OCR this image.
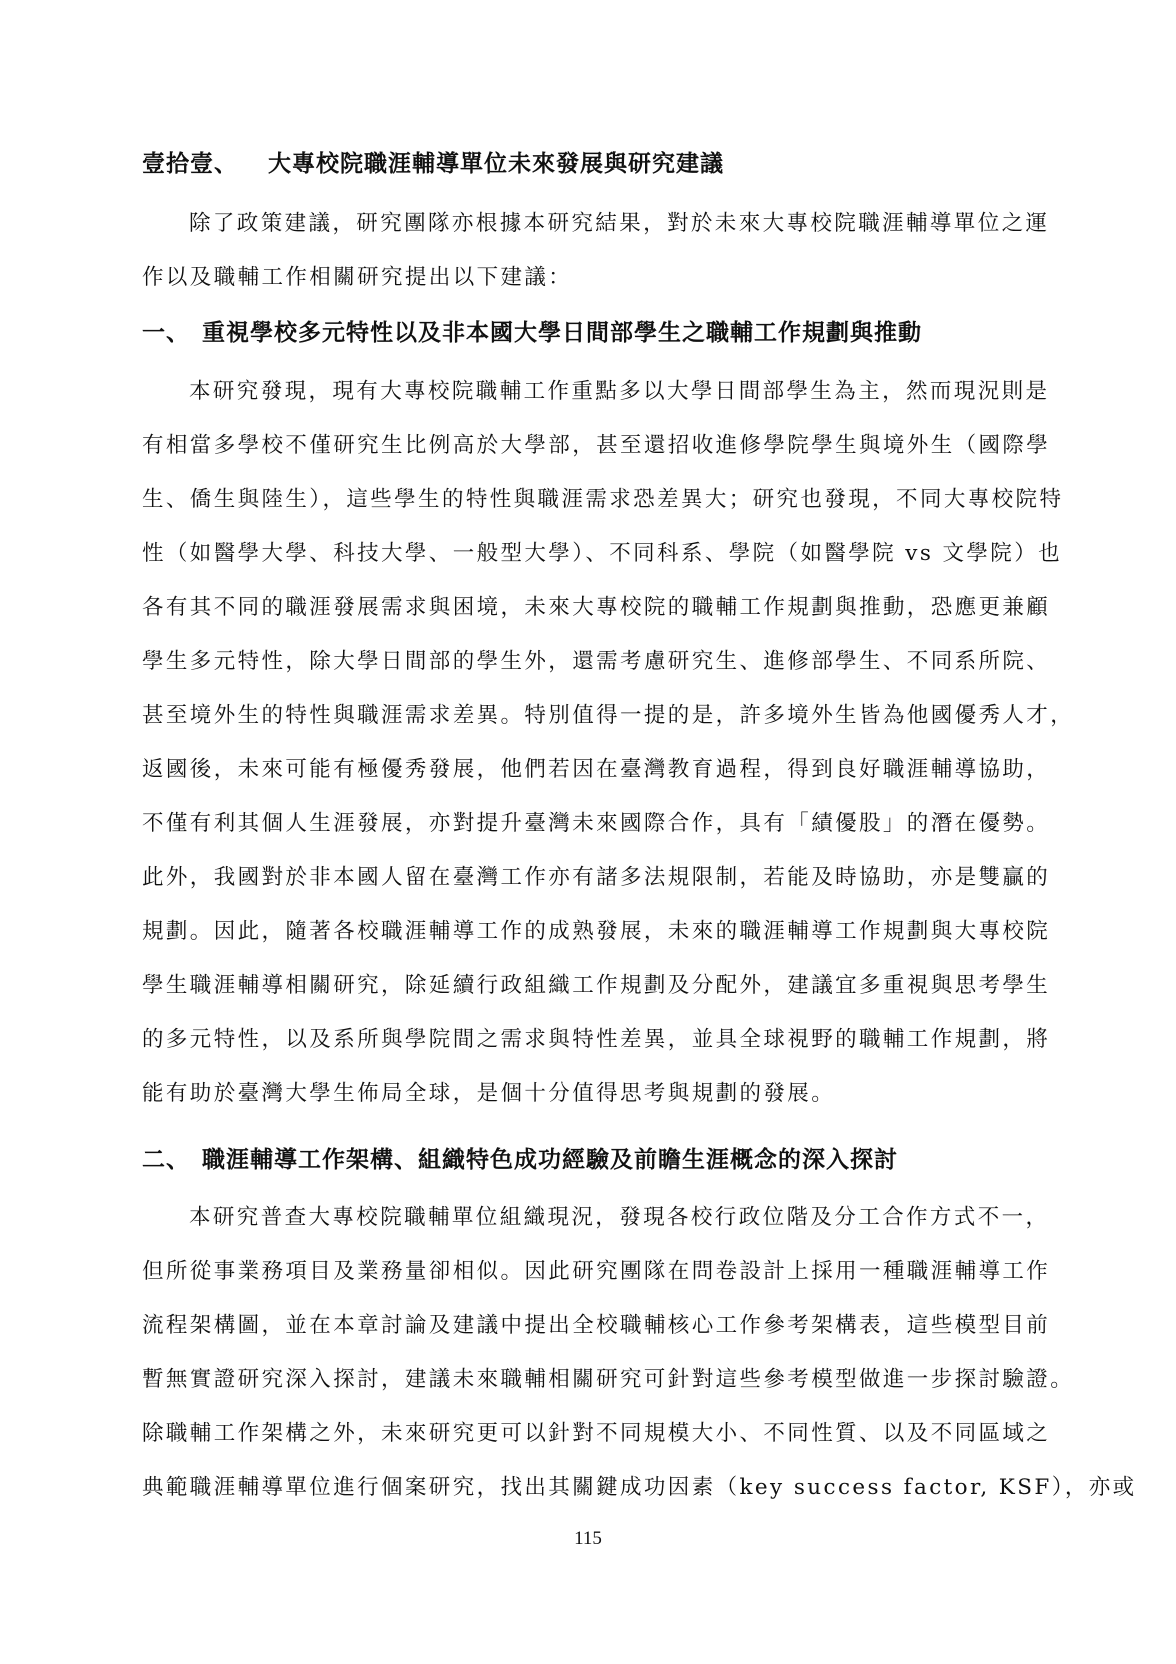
壹拾壹、 大專校院職涯輔導單位未來發展與研究建議
除了政策建議，研究團隊亦根據本研究結果，對於未來大專校院職涯輔導單位之運
作以及職輔工作相關研究提出以下建議：
一、 重視學校多元特性以及非本國大學日間部學生之職輔工作規劃與推動
本研究發現，現有大專校院職輔工作重點多以大學日間部學生為主，然而現況則是
有相當多學校不僅研究生比例高於大學部，甚至還招收進修學院學生與境外生（國際學
生、僑生與陸生），這些學生的特性與職涯需求恐差異大；研究也發現，不同大專校院特
性（如醫學大學、科技大學、一般型大學）、不同科系、學院（如醫學院 vs 文學院）也
各有其不同的職涯發展需求與困境，未來大專校院的職輔工作規劃與推動，恐應更兼顧
學生多元特性，除大學日間部的學生外，還需考慮研究生、進修部學生、不同系所院、
甚至境外生的特性與職涯需求差異。特別值得一提的是，許多境外生皆為他國優秀人才，
返國後，未來可能有極優秀發展，他們若因在臺灣教育過程，得到良好職涯輔導協助，
不僅有利其個人生涯發展，亦對提升臺灣未來國際合作，具有「績優股」的潛在優勢。
此外，我國對於非本國人留在臺灣工作亦有諸多法規限制，若能及時協助，亦是雙贏的
規劃。因此，隨著各校職涯輔導工作的成熟發展，未來的職涯輔導工作規劃與大專校院
學生職涯輔導相關研究，除延續行政組織工作規劃及分配外，建議宜多重視與思考學生
的多元特性，以及系所與學院間之需求與特性差異，並具全球視野的職輔工作規劃，將
能有助於臺灣大學生佈局全球，是個十分值得思考與規劃的發展。
二、 職涯輔導工作架構、組織特色成功經驗及前瞻生涯概念的深入探討
本研究普查大專校院職輔單位組織現況，發現各校行政位階及分工合作方式不一，
但所從事業務項目及業務量卻相似。因此研究團隊在問卷設計上採用一種職涯輔導工作
流程架構圖，並在本章討論及建議中提出全校職輔核心工作參考架構表，這些模型目前
暫無實證研究深入探討，建議未來職輔相關研究可針對這些參考模型做進一步探討驗證。
除職輔工作架構之外，未來研究更可以針對不同規模大小、不同性質、以及不同區域之
典範職涯輔導單位進行個案研究，找出其關鍵成功因素（key success factor, KSF），亦或
115
